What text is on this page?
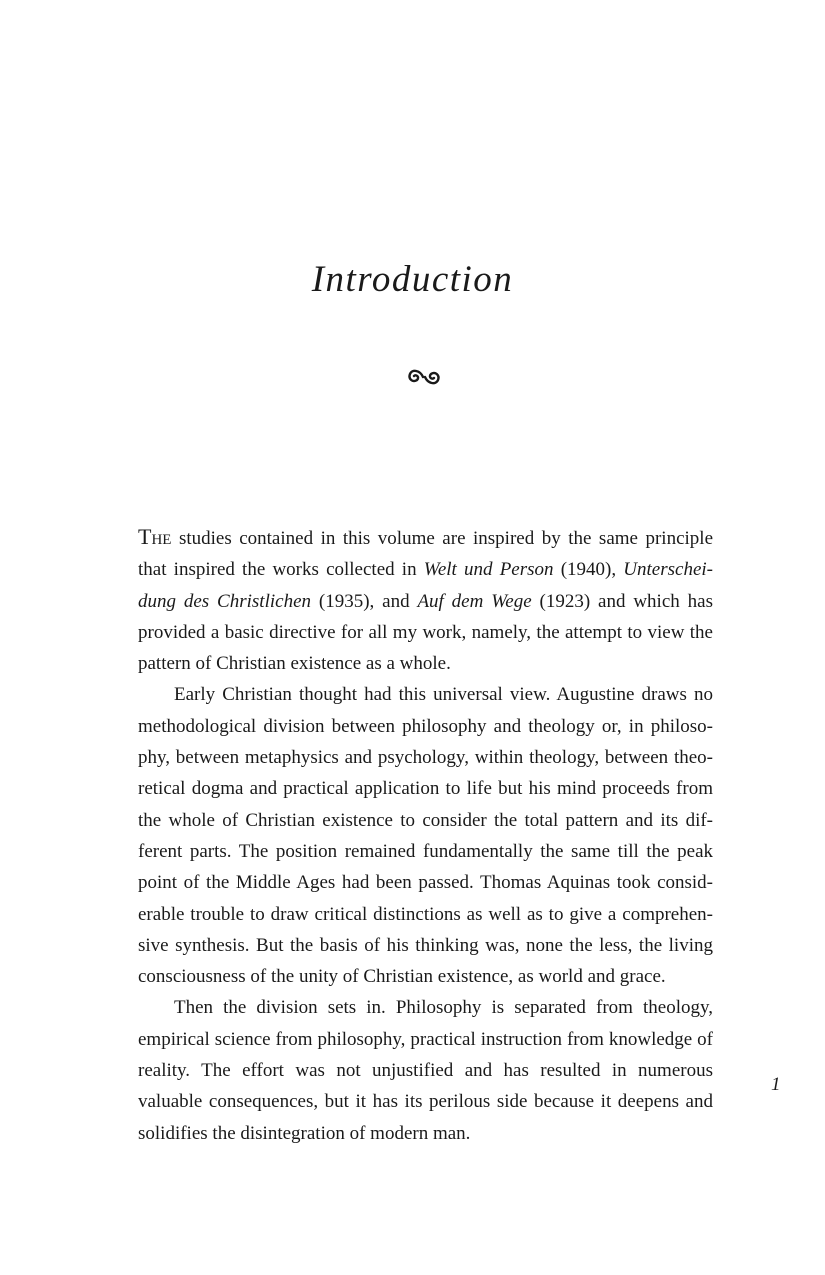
Introduction

The studies contained in this volume are inspired by the same principle that inspired the works collected in Welt und Person (1940), Unterschei-dung des Christlichen (1935), and Auf dem Wege (1923) and which has provided a basic directive for all my work, namely, the attempt to view the pattern of Christian existence as a whole.

Early Christian thought had this universal view. Augustine draws no methodological division between philosophy and theology or, in philoso-phy, between metaphysics and psychology, within theology, between theo-retical dogma and practical application to life but his mind proceeds from the whole of Christian existence to consider the total pattern and its dif-ferent parts. The position remained fundamentally the same till the peak point of the Middle Ages had been passed. Thomas Aquinas took consid-erable trouble to draw critical distinctions as well as to give a comprehen-sive synthesis. But the basis of his thinking was, none the less, the living consciousness of the unity of Christian existence, as world and grace.

Then the division sets in. Philosophy is separated from theology, empirical science from philosophy, practical instruction from knowledge of reality. The effort was not unjustified and has resulted in numerous valuable consequences, but it has its perilous side because it deepens and solidifies the disintegration of modern man.

1
